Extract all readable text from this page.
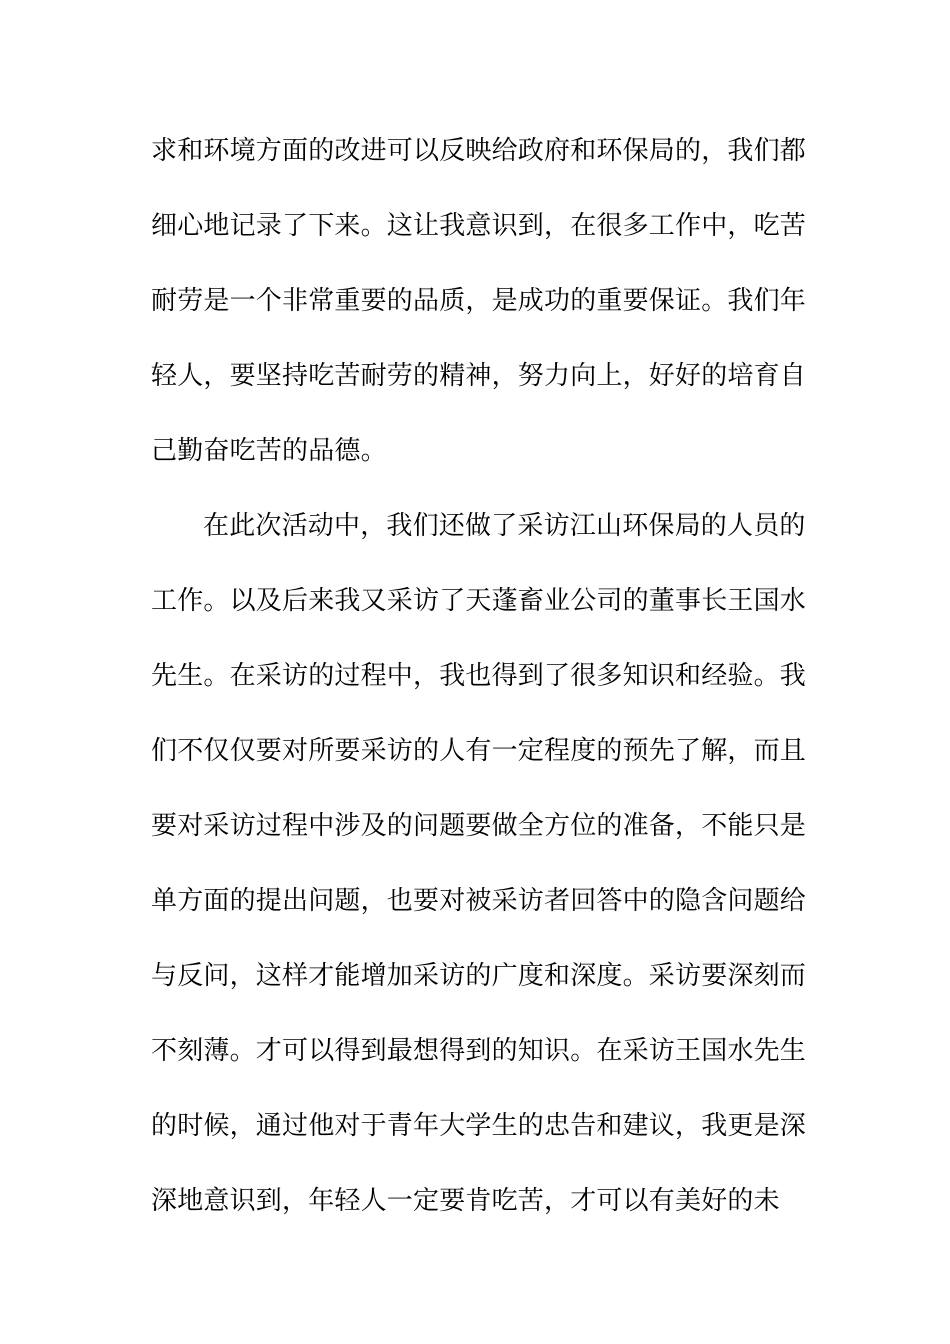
求和环境方面的改进可以反映给政府和环保局的，我们都
细心地记录了下来。这让我意识到，在很多工作中，吃苦
耐劳是一个非常重要的品质，是成功的重要保证。我们年
轻人，要坚持吃苦耐劳的精神，努力向上，好好的培育自
己勤奋吃苦的品德。
在此次活动中，我们还做了采访江山环保局的人员的
工作。以及后来我又采访了天蓬畜业公司的董事长王国水
先生。在采访的过程中，我也得到了很多知识和经验。我
们不仅仅要对所要采访的人有一定程度的预先了解，而且
要对采访过程中涉及的问题要做全方位的准备，不能只是
单方面的提出问题，也要对被采访者回答中的隐含问题给
与反问，这样才能增加采访的广度和深度。采访要深刻而
不刻薄。才可以得到最想得到的知识。在采访王国水先生
的时候，通过他对于青年大学生的忠告和建议，我更是深
深地意识到，年轻人一定要肯吃苦，才可以有美好的未
